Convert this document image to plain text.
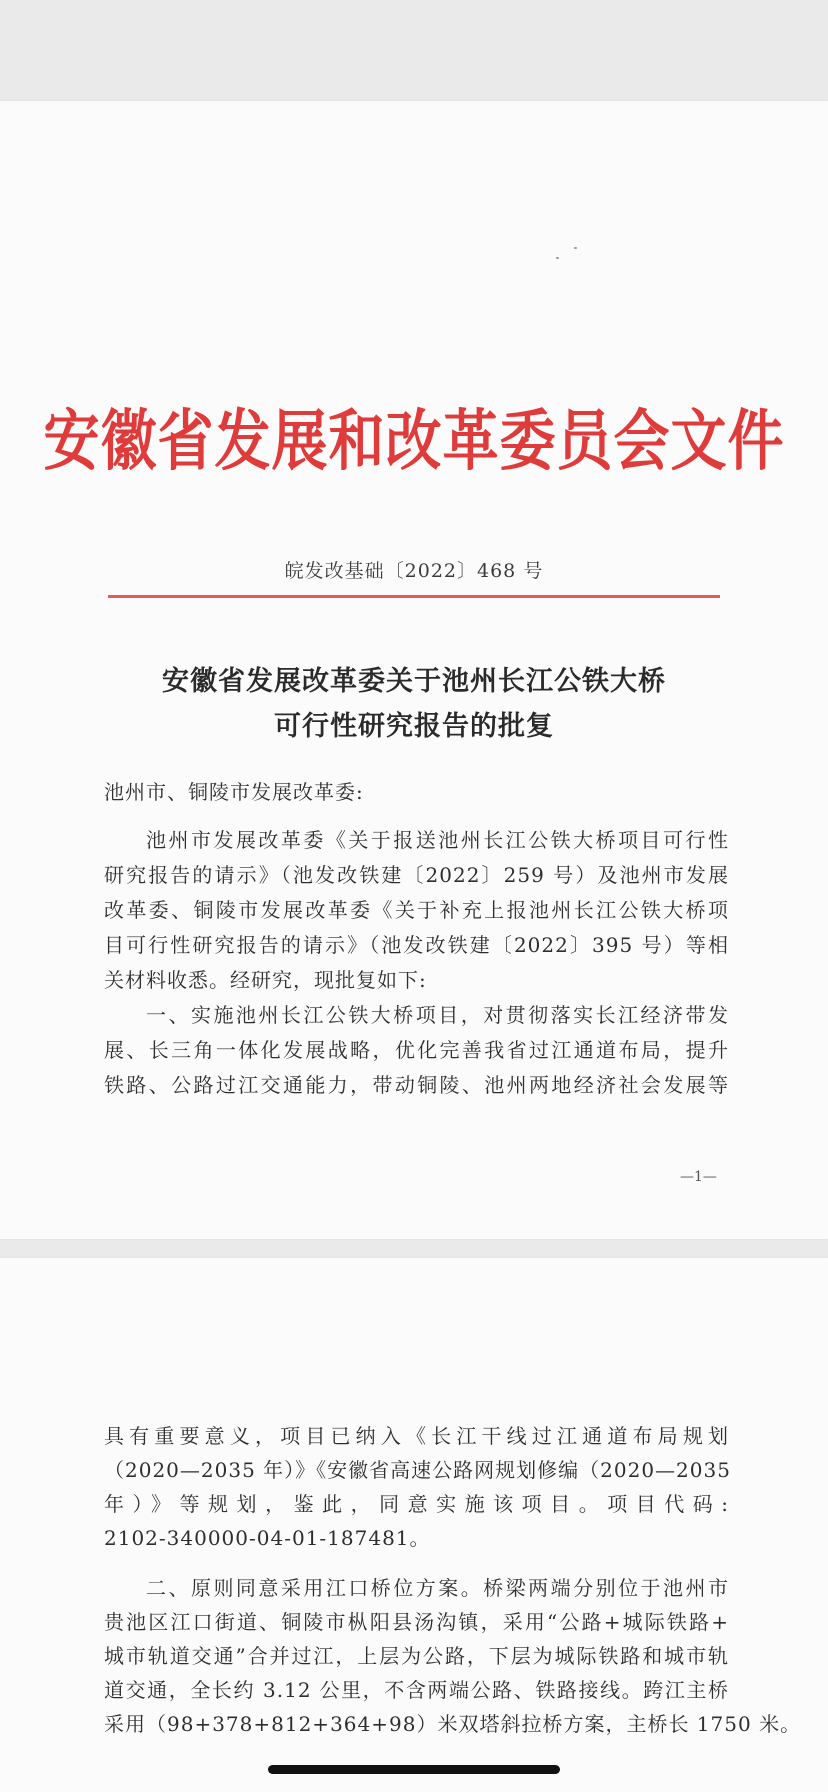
安徽省发展和改革委员会文件
皖发改基础〔2022〕468 号
安徽省发展改革委关于池州长江公铁大桥
可行性研究报告的批复
池州市、铜陵市发展改革委:
池州市发展改革委《关于报送池州长江公铁大桥项目可行性
研究报告的请示》（池发改铁建〔2022〕259 号）及池州市发展
改革委、铜陵市发展改革委《关于补充上报池州长江公铁大桥项
目可行性研究报告的请示》（池发改铁建〔2022〕395 号）等相
关材料收悉。经研究，现批复如下:
一、实施池州长江公铁大桥项目，对贯彻落实长江经济带发
展、长三角一体化发展战略，优化完善我省过江通道布局，提升
铁路、公路过江交通能力，带动铜陵、池州两地经济社会发展等
—1—
具有重要意义，项目已纳入《长江干线过江通道布局规划
（2020—2035 年）》《安徽省高速公路网规划修编（2020—2035
年）》等规划，鉴此，同意实施该项目。项目代码:
2102-340000-04-01-187481。
二、原则同意采用江口桥位方案。桥梁两端分别位于池州市
贵池区江口街道、铜陵市枞阳县汤沟镇，采用“公路+城际铁路+
城市轨道交通”合并过江，上层为公路，下层为城际铁路和城市轨
道交通，全长约 3.12 公里，不含两端公路、铁路接线。跨江主桥
采用（98+378+812+364+98）米双塔斜拉桥方案，主桥长 1750 米。
